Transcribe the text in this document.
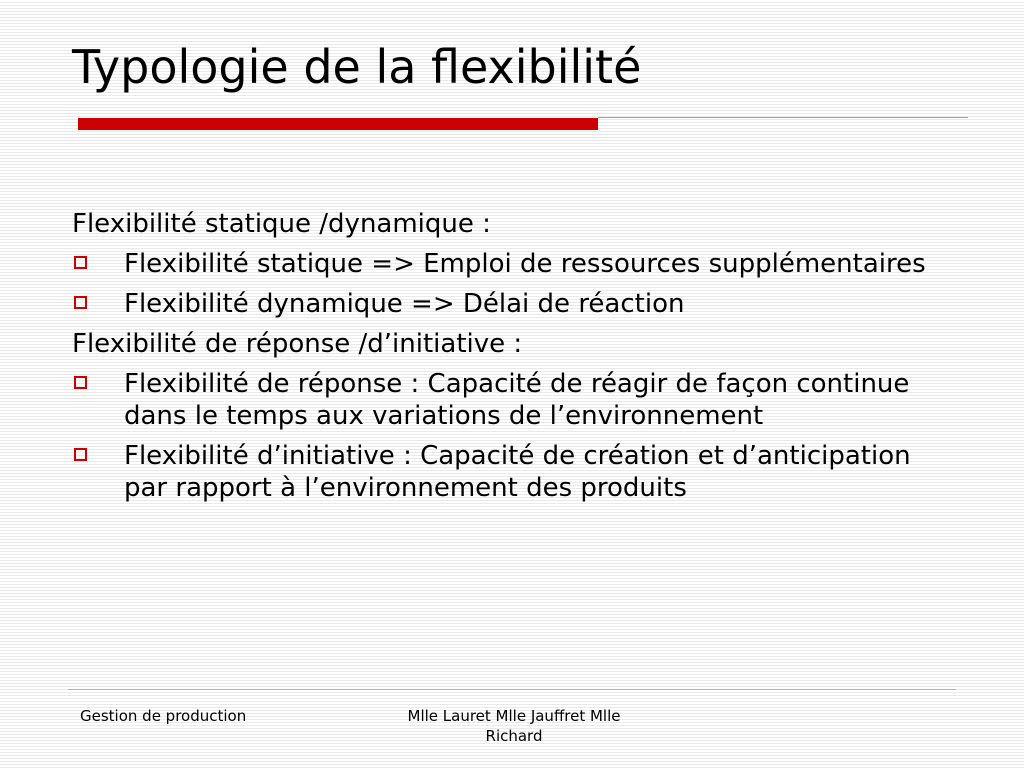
Typologie de la flexibilité

Flexibilité statique /dynamique :

Flexibilité statique => Emploi de ressources supplémentaires
Flexibilité dynamique => Délai de réaction

Flexibilité de réponse /d’initiative :

Flexibilité de réponse : Capacité de réagir de façon continue dans le temps aux variations de l’environnement
Flexibilité d’initiative : Capacité de création et d’anticipation par rapport à l’environnement des produits
Gestion de production	Mlle Lauret Mlle Jauffret Mlle Richard
